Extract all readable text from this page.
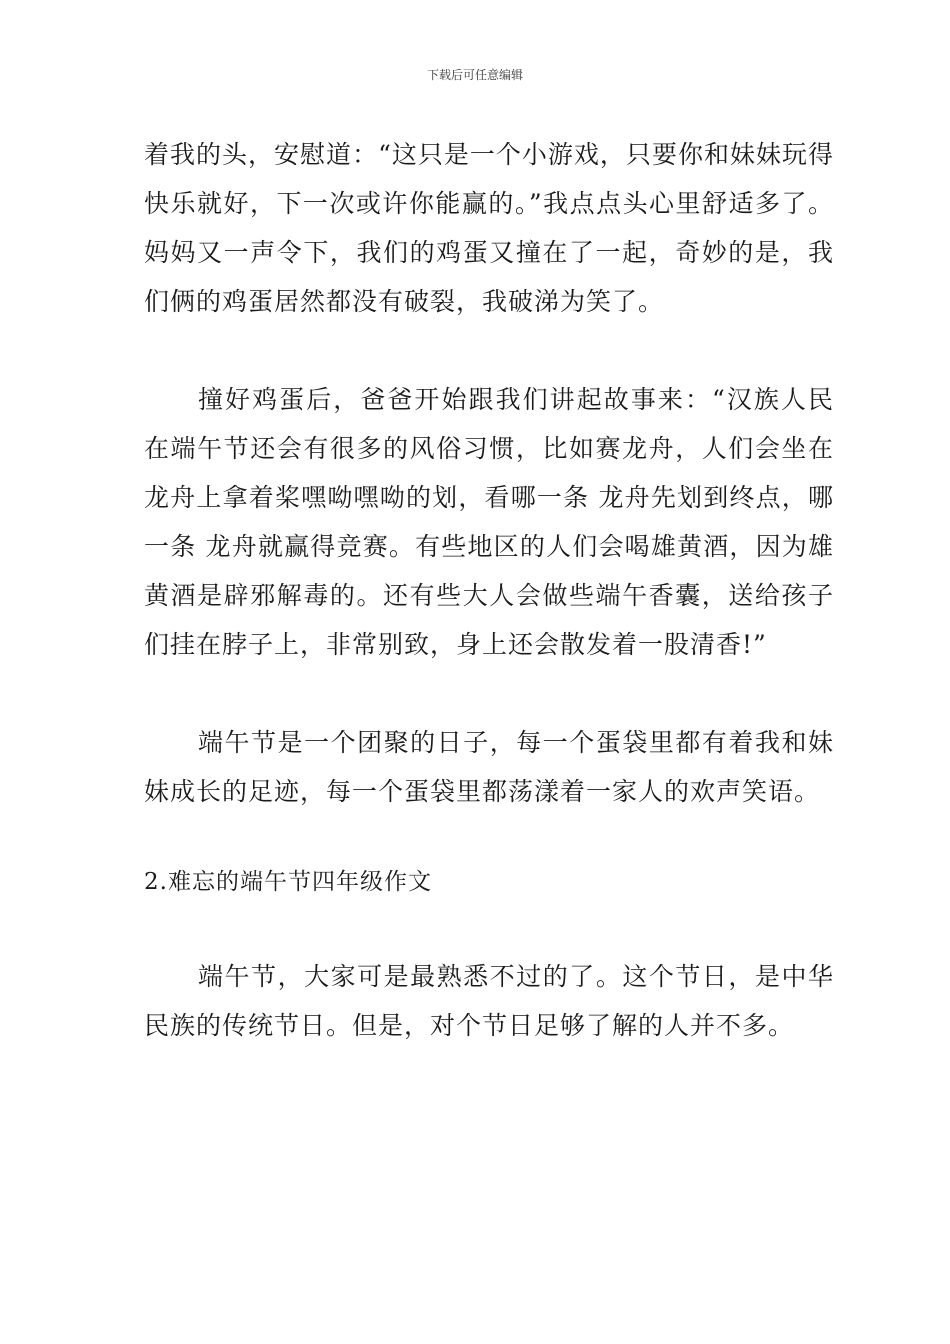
下载后可任意编辑

着我的头，安慰道：“这只是一个小游戏，只要你和妹妹玩得快乐就好，下一次或许你能赢的。”我点点头心里舒适多了。妈妈又一声令下，我们的鸡蛋又撞在了一起，奇妙的是，我们俩的鸡蛋居然都没有破裂，我破涕为笑了。

撞好鸡蛋后，爸爸开始跟我们讲起故事来：“汉族人民在端午节还会有很多的风俗习惯，比如赛龙舟，人们会坐在龙舟上拿着桨嘿呦嘿呦的划，看哪一条 龙舟先划到终点，哪一条 龙舟就赢得竞赛。有些地区的人们会喝雄黄酒，因为雄黄酒是辟邪解毒的。还有些大人会做些端午香囊，送给孩子们挂在脖子上，非常别致，身上还会散发着一股清香!”

端午节是一个团聚的日子，每一个蛋袋里都有着我和妹妹成长的足迹，每一个蛋袋里都荡漾着一家人的欢声笑语。

2.难忘的端午节四年级作文

端午节，大家可是最熟悉不过的了。这个节日，是中华民族的传统节日。但是，对个节日足够了解的人并不多。
